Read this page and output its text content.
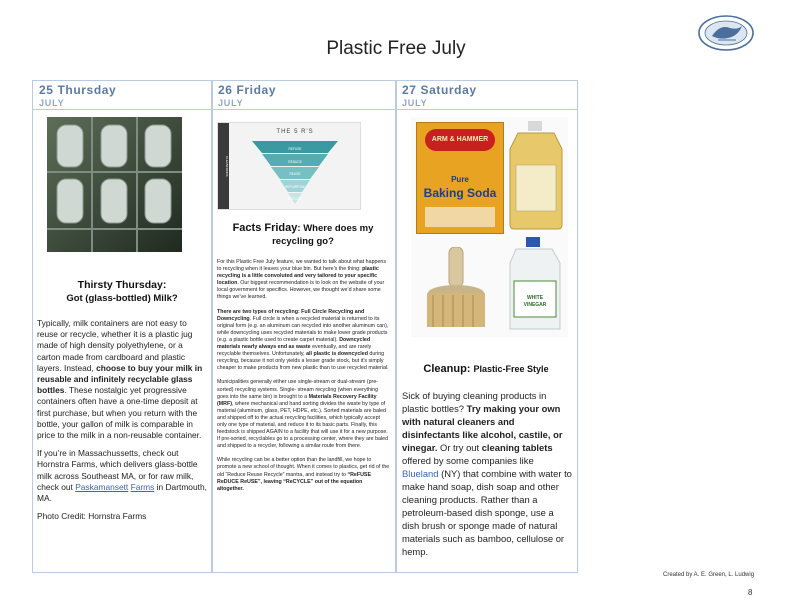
Plastic Free July
25 Thursday
JULY
Thirsty Thursday:
Got (glass-bottled) Milk?

Typically, milk containers are not easy to reuse or recycle, whether it is a plastic jug made of high density polyethylene, or a carton made from cardboard and plastic layers. Instead, choose to buy your milk in reusable and infinitely recyclable glass bottles. These nostalgic yet progressive containers often have a one-time deposit at first purchase, but when you return with the bottle, your gallon of milk is comparable in price to the milk in a non-reusable container.

If you’re in Massachussetts, check out Hornstra Farms, which delivers glass-bottle milk across Southeast MA, or for raw milk, check out Paskamansett Farms in Dartmouth, MA.

Photo Credit: Hornstra Farms

26 Friday
JULY
CLEANFOODS
THE 5 R'S
REFUSE
REDUCE
REUSE
REPURPOSE
RECYCLE
Facts Friday: Where does my recycling go?

For this Plastic Free July feature, we wanted to talk about what happens to recycling when it leaves your blue bin. But here’s the thing: plastic recycling is a little convoluted and very tailored to your specific location. Our biggest recommendation is to look on the website of your local government for specifics. However, we thought we’d share some things we’ve learned.

There are two types of recycling: Full Circle Recycling and Downcycling. Full circle is when a recycled material is returned to its original form (e.g. an aluminum can recycled into another aluminum can), while downcycling uses recycled materials to make lower grade products (e.g. a plastic bottle used to create carpet material). Downcycled materials nearly always end as waste eventually, and are rarely recyclable themselves. Unfortunately, all plastic is downcycled during recycling, because it not only yields a lesser grade stock, but it’s simply cheaper to make products from new plastic than to use recycled material.

Municipalities generally either use single-stream or dual-stream (pre-sorted) recycling systems. Single- stream recycling (when everything goes into the same bin) is brought to a Materials Recovery Facility (MRF), where mechanical and hand sorting divides the waste by type of material (aluminum, glass, PET, HDPE, etc.). Sorted materials are baled and shipped off to the actual recycling facilities, which typically accept only one type of material, and reduce it to its basic parts. Finally, this feedstock is shipped AGAIN to a facility that will use it for a new purpose. If pre-sorted, recyclables go to a processing center, where they are baled and shipped to a recycler, following a similar route from there.

While recycling can be a better option than the landfill, we hope to promote a new school of thought. When it comes to plastics, get rid of the old “Reduce Reuse Recycle” mantra, and instead try to “ReFUSE ReDUCE ReUSE”, leaving “ReCYCLE” out of the equation altogether.

27 Saturday
JULY
ARM & HAMMER
Pure
Baking Soda
WHITE VINEGAR
Cleanup: Plastic-Free Style

Sick of buying cleaning products in plastic bottles? Try making your own with natural cleaners and disinfectants like alcohol, castile, or vinegar. Or try out cleaning tablets offered by some companies like Blueland (NY) that combine with water to make hand soap, dish soap and other cleaning products. Rather than a petroleum-based dish sponge, use a dish brush or sponge made of natural materials such as bamboo, cellulose or hemp.

Created by A. E. Green, L. Ludwig
8
